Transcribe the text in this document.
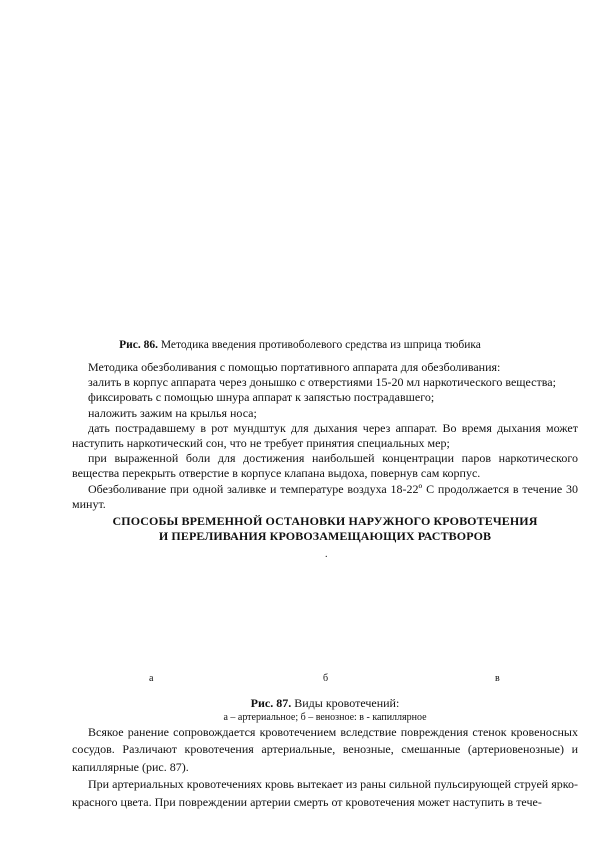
Рис. 86. Методика введения противоболевого средства из шприца тюбика

Методика обезболивания с помощью портативного аппарата для обезболивания:

залить в корпус аппарата через донышко с отверстиями 15-20 мл наркотического вещества;

фиксировать с помощью шнура аппарат к запястью пострадавшего;

наложить зажим на крылья носа;

дать пострадавшему в рот мундштук для дыхания через аппарат. Во время дыхания может наступить наркотический сон, что не требует принятия специальных мер;

при выраженной боли для достижения наибольшей концентрации паров наркотического вещества перекрыть отверстие в корпусе клапана выдоха, повернув сам корпус.

Обезболивание при одной заливке и температуре воздуха 18-22º С продолжается в течение 30 минут.

СПОСОБЫ ВРЕМЕННОЙ ОСТАНОВКИ НАРУЖНОГО КРОВОТЕЧЕНИЯ
И ПЕРЕЛИВАНИЯ КРОВОЗАМЕЩАЮЩИХ РАСТВОРОВ
.
а	б	в
Рис. 87. Виды кровотечений:
а – артериальное; б – венозное: в - капиллярное

Всякое ранение сопровождается кровотечением вследствие повреждения стенок кровеносных сосудов. Различают кровотечения артериальные, венозные, смешанные (артериовенозные) и капиллярные (рис. 87).

При артериальных кровотечениях кровь вытекает из раны сильной пульсирующей струей ярко-красного цвета. При повреждении артерии смерть от кровотечения может наступить в тече-
